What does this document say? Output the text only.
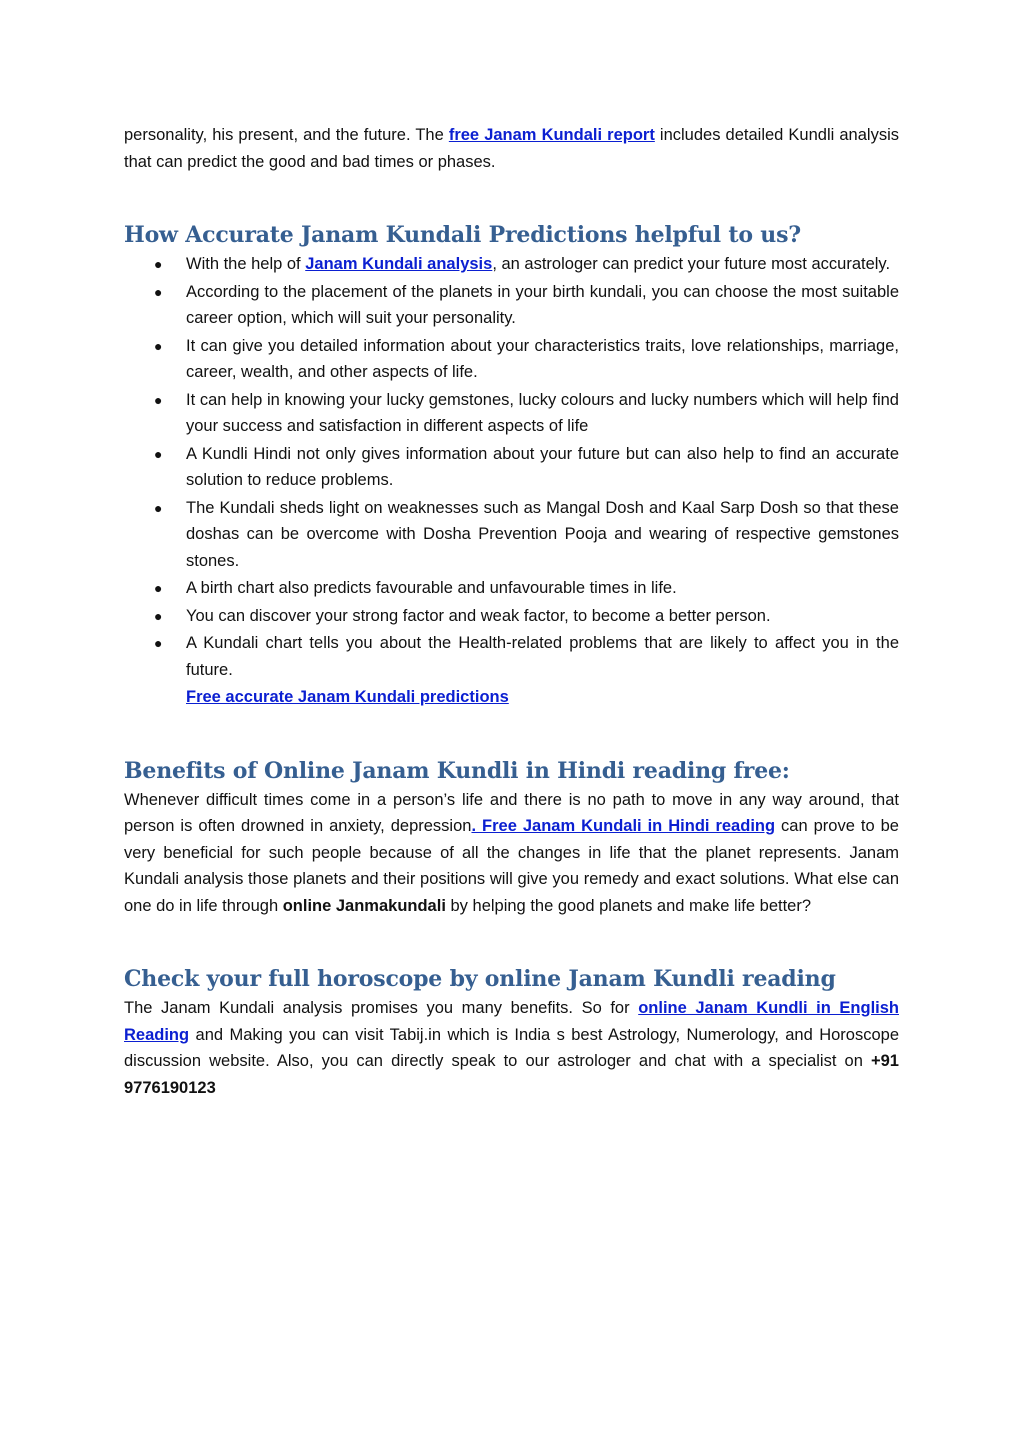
personality, his present, and the future. The free Janam Kundali report includes detailed Kundli analysis that can predict the good and bad times or phases.

How Accurate Janam Kundali Predictions helpful to us?
● With the help of Janam Kundali analysis, an astrologer can predict your future most accurately.
● According to the placement of the planets in your birth kundali, you can choose the most suitable career option, which will suit your personality.
● It can give you detailed information about your characteristics traits, love relationships, marriage, career, wealth, and other aspects of life.
● It can help in knowing your lucky gemstones, lucky colours and lucky numbers which will help find your success and satisfaction in different aspects of life
● A Kundli Hindi not only gives information about your future but can also help to find an accurate solution to reduce problems.
● The Kundali sheds light on weaknesses such as Mangal Dosh and Kaal Sarp Dosh so that these doshas can be overcome with Dosha Prevention Pooja and wearing of respective gemstones stones.
● A birth chart also predicts favourable and unfavourable times in life.
● You can discover your strong factor and weak factor, to become a better person.
● A Kundali chart tells you about the Health-related problems that are likely to affect you in the future.
Free accurate Janam Kundali predictions
Benefits of Online Janam Kundli in Hindi reading free:

Whenever difficult times come in a person’s life and there is no path to move in any way around, that person is often drowned in anxiety, depression. Free Janam Kundali in Hindi reading can prove to be very beneficial for such people because of all the changes in life that the planet represents. Janam Kundali analysis those planets and their positions will give you remedy and exact solutions. What else can one do in life through online Janmakundali by helping the good planets and make life better?

Check your full horoscope by online Janam Kundli reading

The Janam Kundali analysis promises you many benefits. So for online Janam Kundli in English Reading and Making you can visit Tabij.in which is India s best Astrology, Numerology, and Horoscope discussion website. Also, you can directly speak to our astrologer and chat with a specialist on +91 9776190123
